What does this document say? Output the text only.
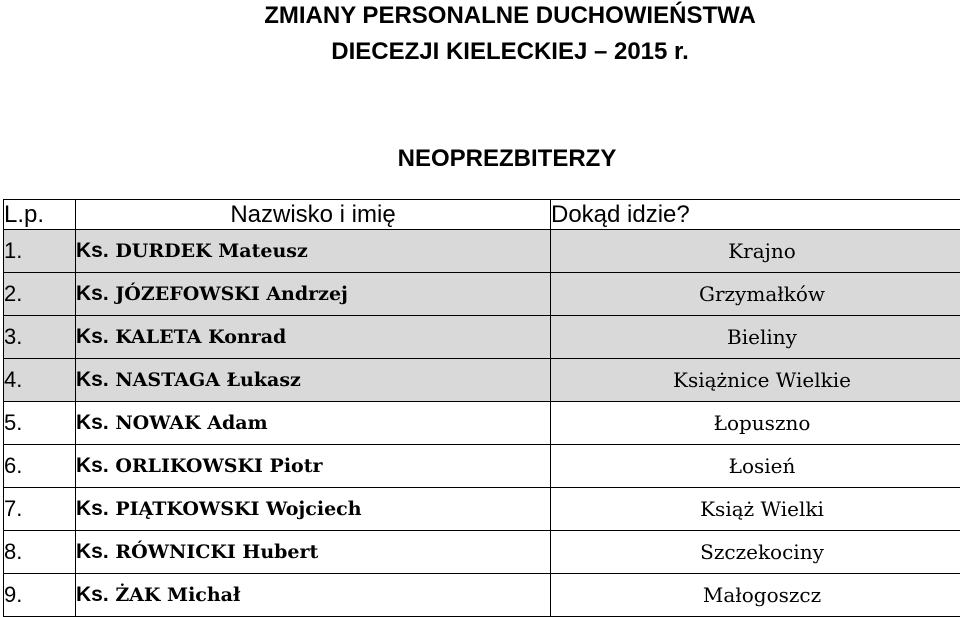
ZMIANY PERSONALNE DUCHOWIEŃSTWA
DIECEZJI KIELECKIEJ – 2015 r.
NEOPREZBITERZY
L.p.	Nazwisko i imię	Dokąd idzie?
1.	Ks. DURDEK Mateusz	Krajno
2.	Ks. JÓZEFOWSKI Andrzej	Grzymałków
3.	Ks. KALETA Konrad	Bieliny
4.	Ks. NASTAGA Łukasz	Książnice Wielkie
5.	Ks. NOWAK Adam	Łopuszno
6.	Ks. ORLIKOWSKI Piotr	Łosień
7.	Ks. PIĄTKOWSKI Wojciech	Książ Wielki
8.	Ks. RÓWNICKI Hubert	Szczekociny
9.	Ks. ŻAK Michał	Małogoszcz
